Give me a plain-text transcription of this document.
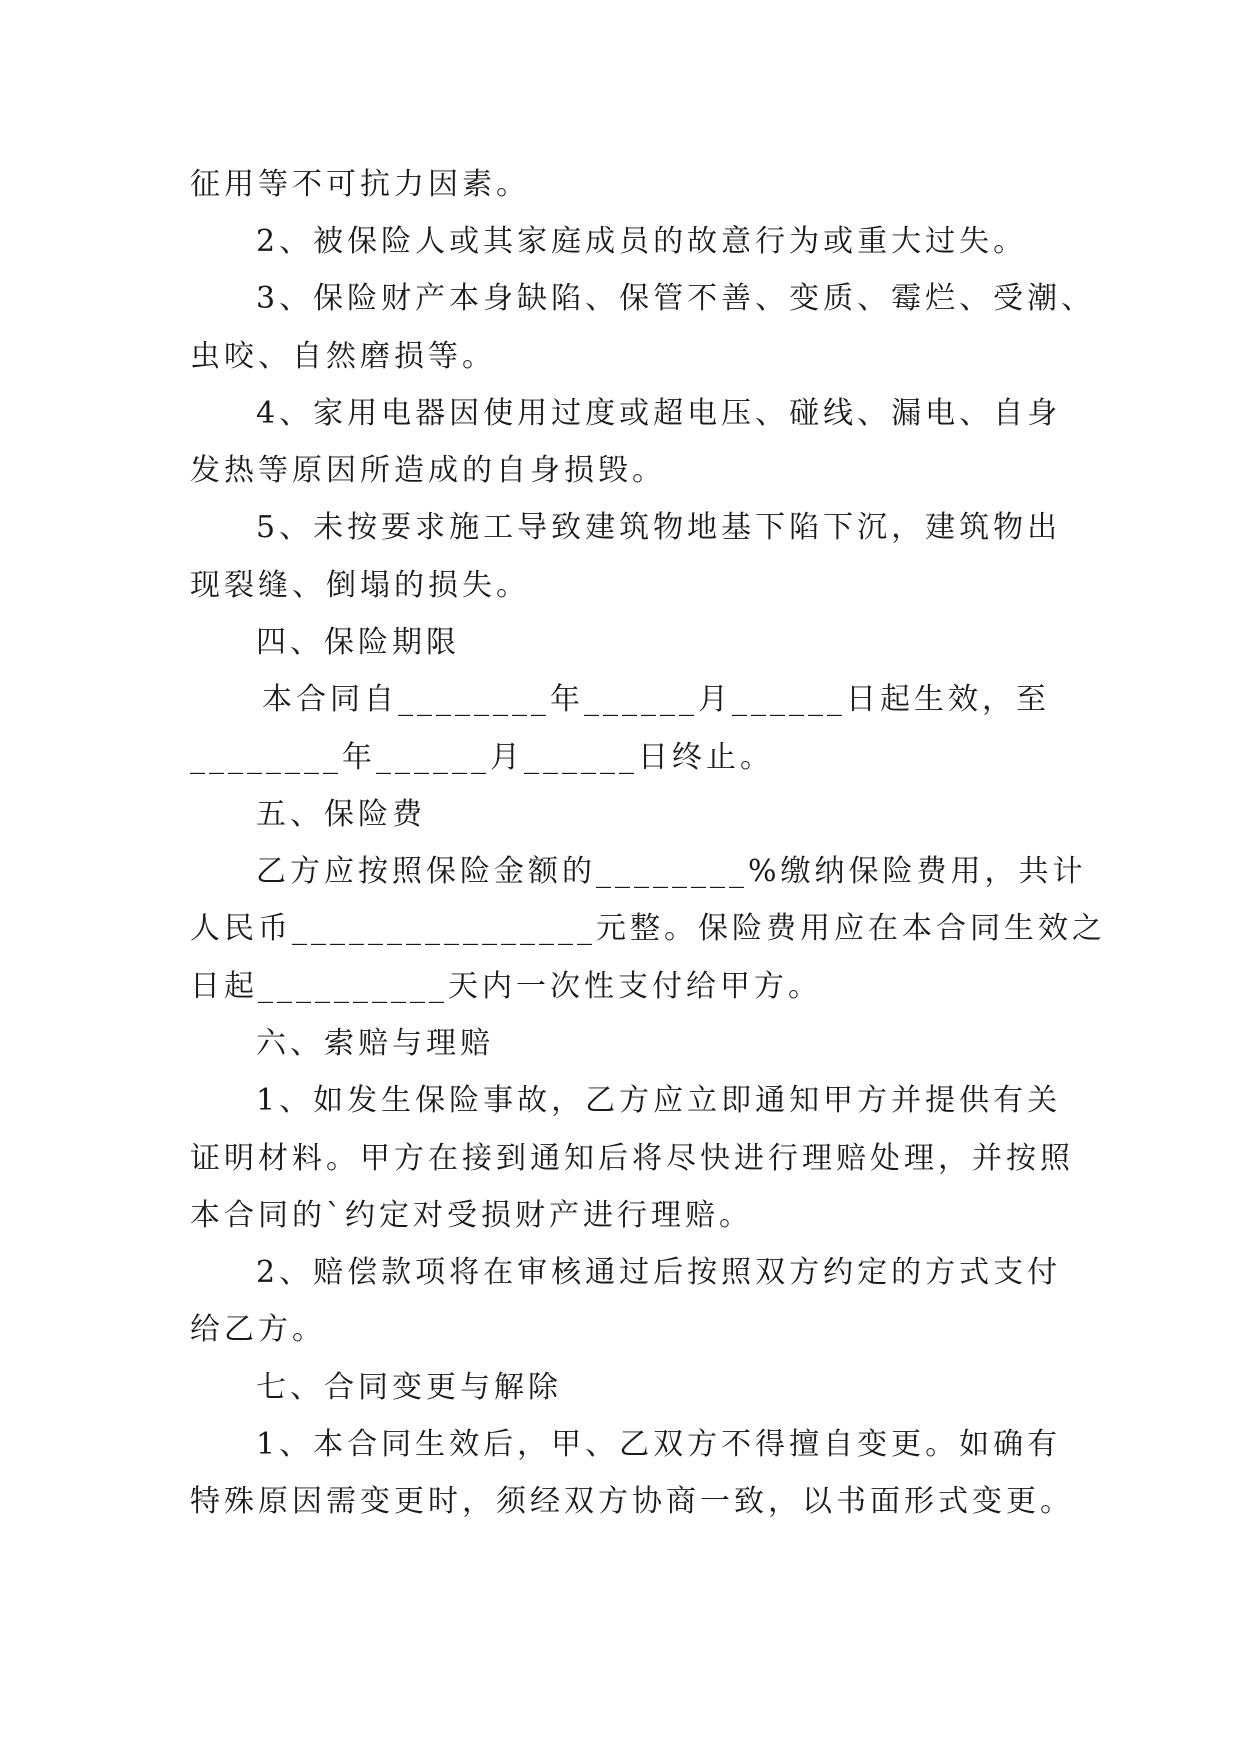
征用等不可抗力因素。
2、被保险人或其家庭成员的故意行为或重大过失。
3、保险财产本身缺陷、保管不善、变质、霉烂、受潮、
虫咬、自然磨损等。
4、家用电器因使用过度或超电压、碰线、漏电、自身
发热等原因所造成的自身损毁。
5、未按要求施工导致建筑物地基下陷下沉，建筑物出
现裂缝、倒塌的损失。
四、保险期限
本合同自________年______月______日起生效，至
________年______月______日终止。
五、保险费
乙方应按照保险金额的________%缴纳保险费用，共计
人民币________________元整。保险费用应在本合同生效之
日起__________天内一次性支付给甲方。
六、索赔与理赔
1、如发生保险事故，乙方应立即通知甲方并提供有关
证明材料。甲方在接到通知后将尽快进行理赔处理，并按照
本合同的`约定对受损财产进行理赔。
2、赔偿款项将在审核通过后按照双方约定的方式支付
给乙方。
七、合同变更与解除
1、本合同生效后，甲、乙双方不得擅自变更。如确有
特殊原因需变更时，须经双方协商一致，以书面形式变更。
